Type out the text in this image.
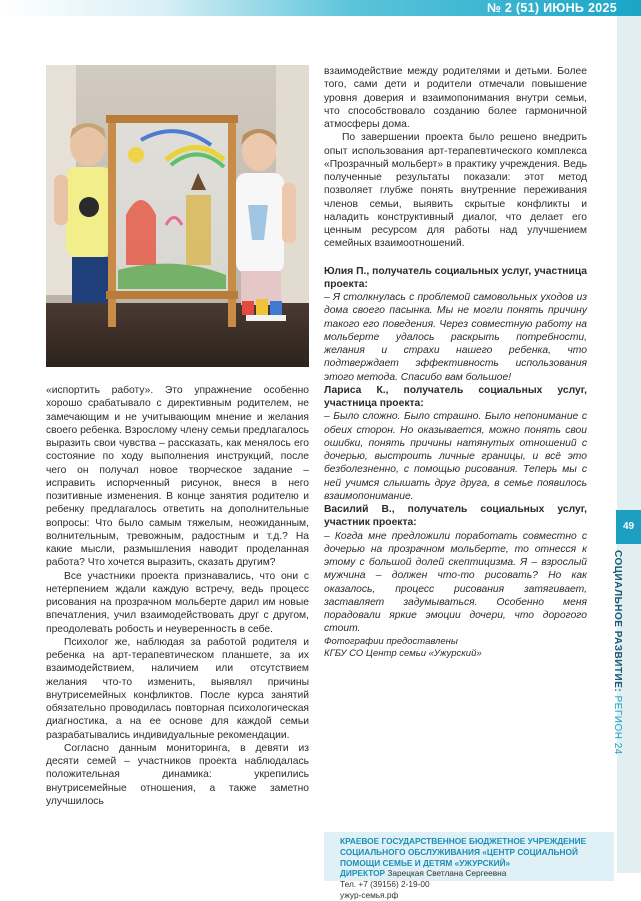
№ 2 (51) ИЮНЬ 2025
49
СОЦИАЛЬНОЕ РАЗВИТИЕ: РЕГИОН 24

«испортить работу». Это упражнение особенно хорошо срабатывало с директивным родителем, не замечающим и не учитывающим мнение и желания своего ребенка. Взрослому члену семьи предлагалось выразить свои чувства – рассказать, как менялось его состояние по ходу выполнения инструкций, после чего он получал новое творческое задание – исправить испорченный рисунок, внеся в него позитивные изменения. В конце занятия родителю и ребенку предлагалось ответить на дополнительные вопросы: Что было самым тяжелым, неожиданным, волнительным, тревожным, радостным и т.д.? На какие мысли, размышления наводит проделанная работа? Что хочется выразить, сказать другим?

Все участники проекта признавались, что они с нетерпением ждали каждую встречу, ведь процесс рисования на прозрачном мольберте дарил им новые впечатления, учил взаимодействовать друг с другом, преодолевать робость и неуверенность в себе.

Психолог же, наблюдая за работой родителя и ребенка на арт-терапевтическом планшете, за их взаимодействием, наличием или отсутствием желания что-то изменить, выявлял причины внутрисемейных конфликтов. После курса занятий обязательно проводилась повторная психологическая диагностика, а на ее основе для каждой семьи разрабатывались индивидуальные рекомендации.

Согласно данным мониторинга, в девяти из десяти семей – участников проекта наблюдалась положительная динамика: укрепились внутрисемейные отношения, а также заметно улучшилось

взаимодействие между родителями и детьми. Более того, сами дети и родители отмечали повышение уровня доверия и взаимопонимания внутри семьи, что способствовало созданию более гармоничной атмосферы дома.

По завершении проекта было решено внедрить опыт использования арт-терапевтического комплекса «Прозрачный мольберт» в практику учреждения. Ведь полученные результаты показали: этот метод позволяет глубже понять внутренние переживания членов семьи, выявить скрытые конфликты и наладить конструктивный диалог, что делает его ценным ресурсом для работы над улучшением семейных взаимоотношений.

Юлия П., получатель социальных услуг, участница проекта:

– Я столкнулась с проблемой самовольных уходов из дома своего пасынка. Мы не могли понять причину такого его поведения. Через совместную работу на мольберте удалось раскрыть потребности, желания и страхи нашего ребенка, что подтверждает эффективность использования этого метода. Спасибо вам большое!

Лариса К., получатель социальных услуг, участница проекта:

– Было сложно. Было страшно. Было непонимание с обеих сторон. Но оказывается, можно понять свои ошибки, понять причины натянутых отношений с дочерью, выстроить личные границы, и всё это безболезненно, с помощью рисования. Теперь мы с ней учимся слышать друг друга, в семье появилось взаимопонимание.

Василий В., получатель социальных услуг, участник проекта:

– Когда мне предложили поработать совместно с дочерью на прозрачном мольберте, то отнесся к этому с большой долей скептицизма. Я – взрослый мужчина – должен что-то рисовать? Но как оказалось, процесс рисования затягивает, заставляет задумываться. Особенно меня порадовали яркие эмоции дочери, что дорогого стоит.

Фотографии предоставлены

КГБУ СО Центр семьи «Ужурский»

КРАЕВОЕ ГОСУДАРСТВЕННОЕ БЮДЖЕТНОЕ УЧРЕЖДЕНИЕ СОЦИАЛЬНОГО ОБСЛУЖИВАНИЯ «ЦЕНТР СОЦИАЛЬНОЙ ПОМОЩИ СЕМЬЕ И ДЕТЯМ «УЖУРСКИЙ»
ДИРЕКТОР Зарецкая Светлана Сергеевна
Тел. +7 (39156) 2-19-00
ужур-семья.рф
